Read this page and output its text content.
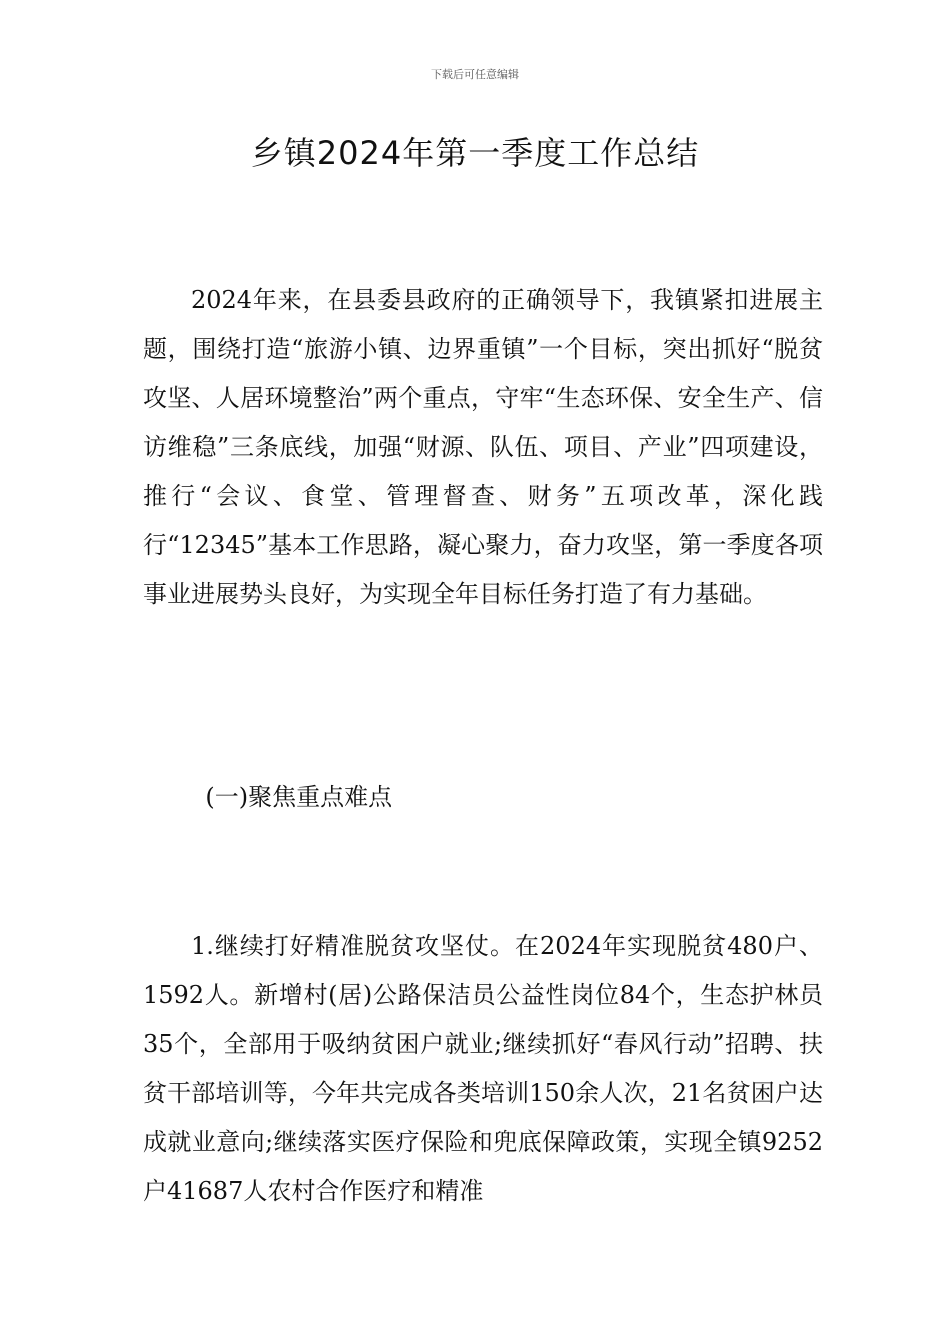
下载后可任意编辑
乡镇2024年第一季度工作总结

2024年来，在县委县政府的正确领导下，我镇紧扣进展主题，围绕打造“旅游小镇、边界重镇”一个目标，突出抓好“脱贫攻坚、人居环境整治”两个重点，守牢“生态环保、安全生产、信访维稳”三条底线，加强“财源、队伍、项目、产业”四项建设，推行“会议、食堂、管理督查、财务”五项改革，深化践行“12345”基本工作思路，凝心聚力，奋力攻坚，第一季度各项事业进展势头良好，为实现全年目标任务打造了有力基础。

(一)聚焦重点难点

1.继续打好精准脱贫攻坚仗。在2024年实现脱贫480户、1592人。新增村(居)公路保洁员公益性岗位84个，生态护林员35个，全部用于吸纳贫困户就业;继续抓好“春风行动”招聘、扶贫干部培训等，今年共完成各类培训150余人次，21名贫困户达成就业意向;继续落实医疗保险和兜底保障政策，实现全镇9252户41687人农村合作医疗和精准
